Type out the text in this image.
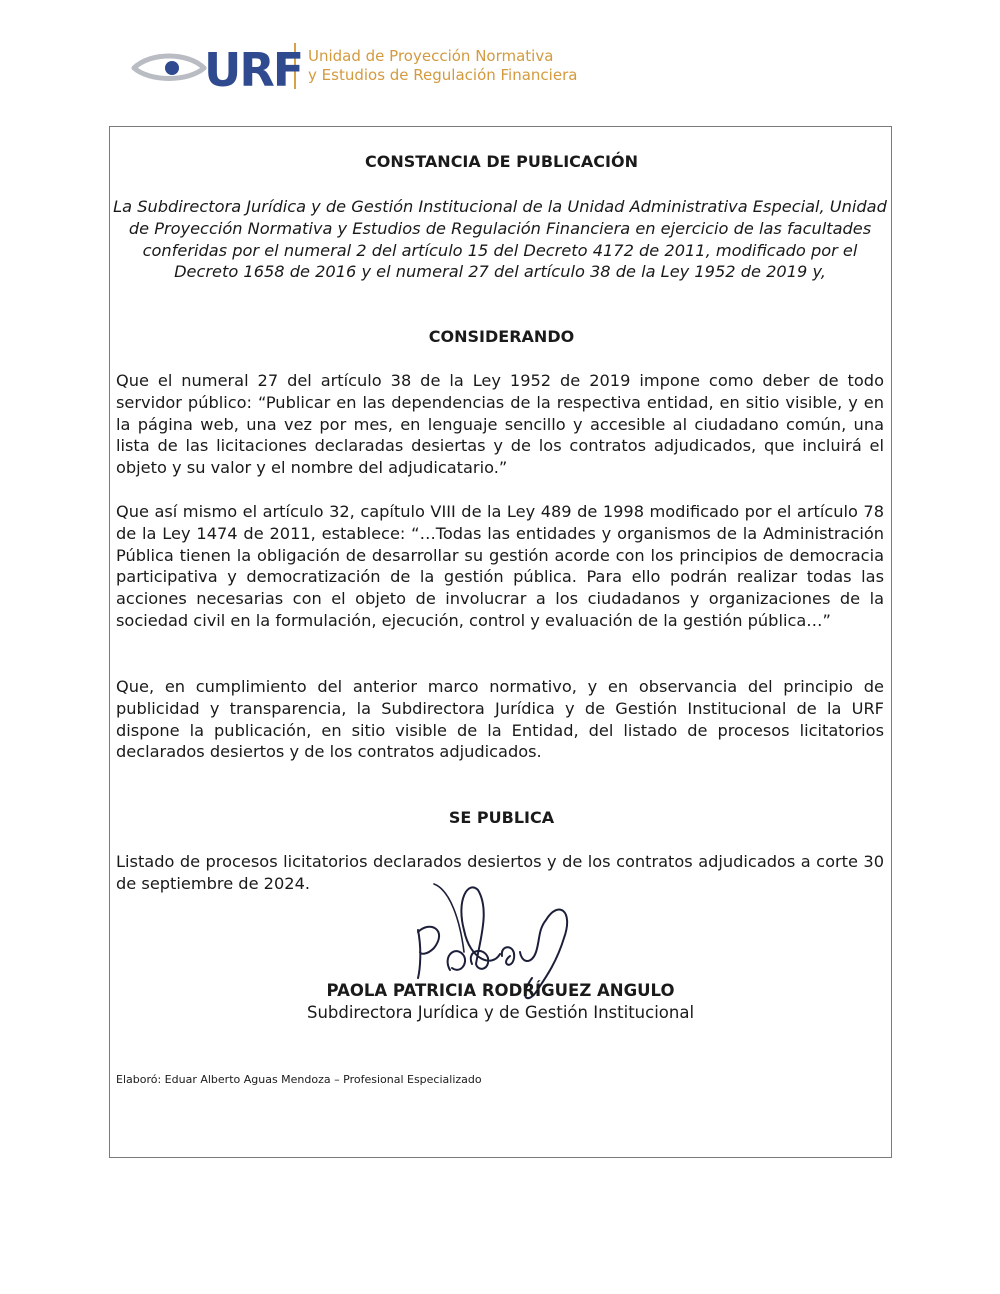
URF Unidad de Proyección Normativa
y Estudios de Regulación Financiera
CONSTANCIA DE PUBLICACIÓN
CONSIDERANDO
SE PUBLICA
La Subdirectora Jurídica y de Gestión Institucional de la Unidad Administrativa Especial, Unidad de Proyección Normativa y Estudios de Regulación Financiera en ejercicio de las facultades conferidas por el numeral 2 del artículo 15 del Decreto 4172 de 2011, modificado por el Decreto 1658 de 2016 y el numeral 27 del artículo 38 de la Ley 1952 de 2019 y,
Que el numeral 27 del artículo 38 de la Ley 1952 de 2019 impone como deber de todo servidor público: “Publicar en las dependencias de la respectiva entidad, en sitio visible, y en la página web, una vez por mes, en lenguaje sencillo y accesible al ciudadano común, una lista de las licitaciones declaradas desiertas y de los contratos adjudicados, que incluirá el objeto y su valor y el nombre del adjudicatario.”
Que así mismo el artículo 32, capítulo VIII de la Ley 489 de 1998 modificado por el artículo 78 de la Ley 1474 de 2011, establece: “…Todas las entidades y organismos de la Administración Pública tienen la obligación de desarrollar su gestión acorde con los principios de democracia participativa y democratización de la gestión pública. Para ello podrán realizar todas las acciones necesarias con el objeto de involucrar a los ciudadanos y organizaciones de la sociedad civil en la formulación, ejecución, control y evaluación de la gestión pública…”
Que, en cumplimiento del anterior marco normativo, y en observancia del principio de publicidad y transparencia, la Subdirectora Jurídica y de Gestión Institucional de la URF dispone la publicación, en sitio visible de la Entidad, del listado de procesos licitatorios declarados desiertos y de los contratos adjudicados.
Listado de procesos licitatorios declarados desiertos y de los contratos adjudicados a corte 30 de septiembre de 2024.
PAOLA PATRICIA RODRÍGUEZ ANGULO
Subdirectora Jurídica y de Gestión Institucional
Elaboró: Eduar Alberto Aguas Mendoza – Profesional Especializado
